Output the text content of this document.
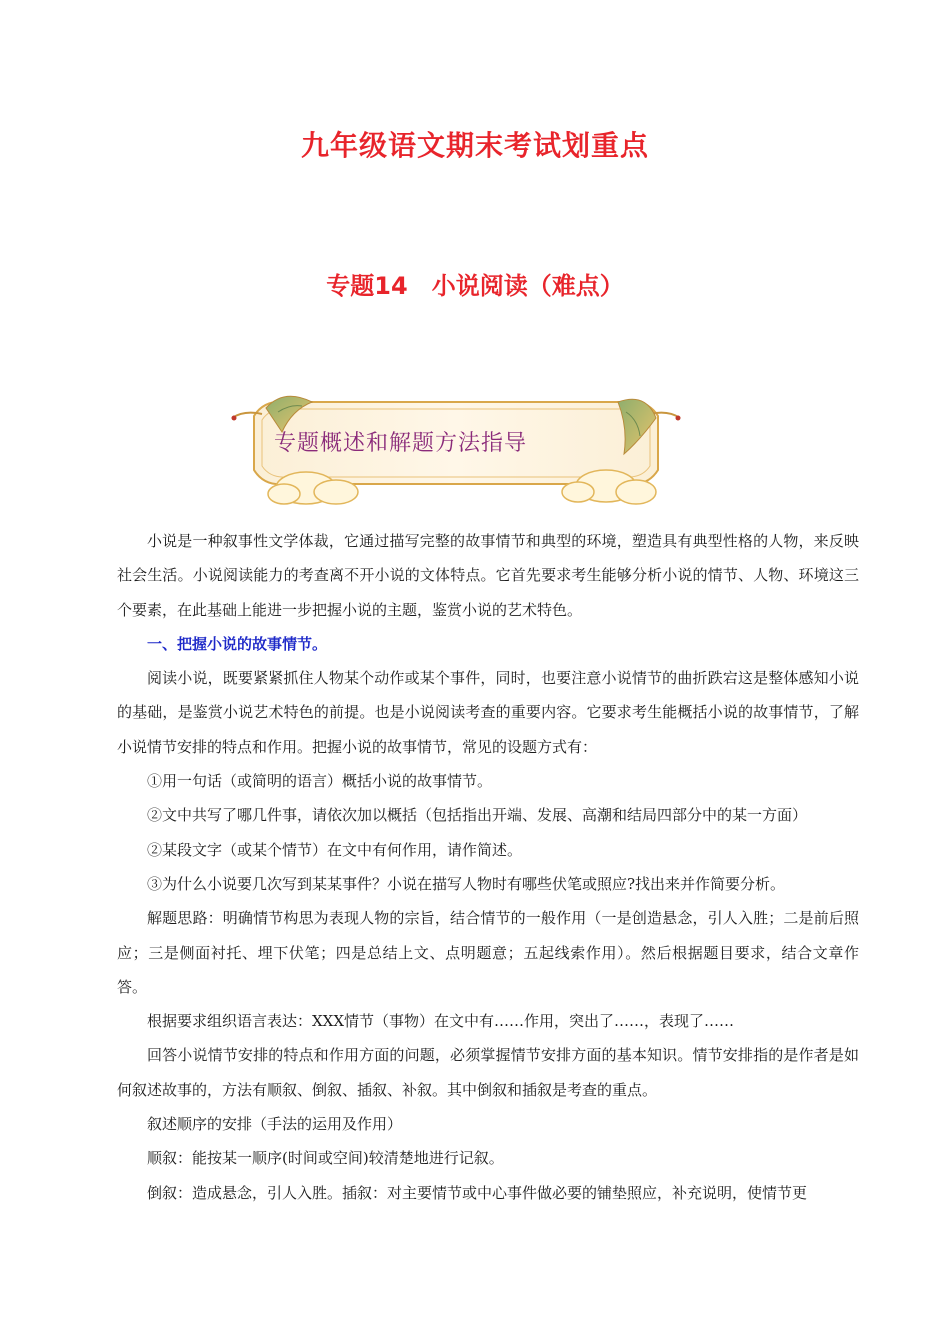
九年级语文期末考试划重点
专题14　小说阅读（难点）
专题概述和解题方法指导

小说是一种叙事性文学体裁，它通过描写完整的故事情节和典型的环境，塑造具有典型性格的人物，来反映社会生活。小说阅读能力的考查离不开小说的文体特点。它首先要求考生能够分析小说的情节、人物、环境这三个要素，在此基础上能进一步把握小说的主题，鉴赏小说的艺术特色。

一、把握小说的故事情节。

阅读小说，既要紧紧抓住人物某个动作或某个事件，同时，也要注意小说情节的曲折跌宕这是整体感知小说的基础，是鉴赏小说艺术特色的前提。也是小说阅读考查的重要内容。它要求考生能概括小说的故事情节，了解小说情节安排的特点和作用。把握小说的故事情节，常见的设题方式有：

①用一句话（或简明的语言）概括小说的故事情节。

②文中共写了哪几件事，请依次加以概括（包括指出开端、发展、高潮和结局四部分中的某一方面）

②某段文字（或某个情节）在文中有何作用，请作简述。

③为什么小说要几次写到某某事件？小说在描写人物时有哪些伏笔或照应?找出来并作简要分析。

解题思路：明确情节构思为表现人物的宗旨，结合情节的一般作用（一是创造悬念，引人入胜；二是前后照应；三是侧面衬托、埋下伏笔；四是总结上文、点明题意；五起线索作用）。然后根据题目要求，结合文章作答。

根据要求组织语言表达：XXX情节（事物）在文中有……作用，突出了……，表现了……

回答小说情节安排的特点和作用方面的问题，必须掌握情节安排方面的基本知识。情节安排指的是作者是如何叙述故事的，方法有顺叙、倒叙、插叙、补叙。其中倒叙和插叙是考查的重点。

叙述顺序的安排（手法的运用及作用）

顺叙：能按某一顺序(时间或空间)较清楚地进行记叙。

倒叙：造成悬念，引人入胜。插叙：对主要情节或中心事件做必要的铺垫照应，补充说明，使情节更
